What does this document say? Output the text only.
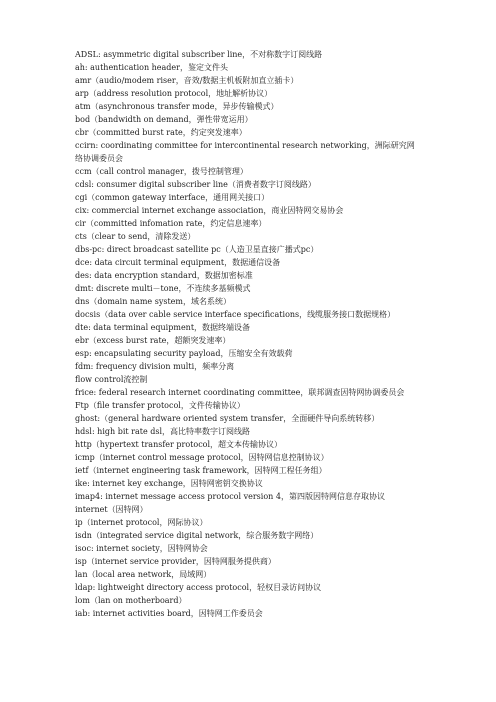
ADSL: asymmetric digital subscriber line，不对称数字订阅线路
ah: authentication header，鉴定文件头
amr（audio/modem riser，音效/数据主机板附加直立插卡）
arp（address resolution protocol，地址解析协议）
atm（asynchronous transfer mode，异步传输模式）
bod（bandwidth on demand，弹性带宽运用）
cbr（committed burst rate，约定突发速率）
ccirn: coordinating committee for intercontinental research networking，洲际研究网络协调委员会
ccm（call control manager，拨号控制管理）
cdsl: consumer digital subscriber line（消费者数字订阅线路）
cgi（common gateway interface，通用网关接口）
cix: commercial internet exchange association，商业因特网交易协会
cir（committed infomation rate，约定信息速率）
cts（clear to send，清除发送）
dbs-pc: direct broadcast satellite pc（人造卫星直接广播式pc）
dce: data circuit terminal equipment，数据通信设备
des: data encryption standard，数据加密标准
dmt: discrete multi－tone，不连续多基频模式
dns（domain name system，域名系统）
docsis（data over cable service interface specifications，线缆服务接口数据规格）
dte: data terminal equipment，数据终端设备
ebr（excess burst rate，超额突发速率）
esp: encapsulating security payload，压缩安全有效载荷
fdm: frequency division multi，频率分离
flow control流控制
frice: federal research internet coordinating committee，联邦调查因特网协调委员会
Ftp（file transfer protocol，文件传输协议）
ghost:（general hardware oriented system transfer，全面硬件导向系统转移）
hdsl: high bit rate dsl，高比特率数字订阅线路
http（hypertext transfer protocol，超文本传输协议）
icmp（internet control message protocol，因特网信息控制协议）
ietf（internet engineering task framework，因特网工程任务组）
ike: internet key exchange，因特网密钥交换协议
imap4: internet message access protocol version 4，第四版因特网信息存取协议
internet（因特网）
ip（internet protocol，网际协议）
isdn（integrated service digital network，综合服务数字网络）
isoc: internet society，因特网协会
isp（internet service provider，因特网服务提供商）
lan（local area network，局域网）
ldap: lightweight directory access protocol，轻权目录访问协议
lom（lan on motherboard）
iab: internet activities board，因特网工作委员会
